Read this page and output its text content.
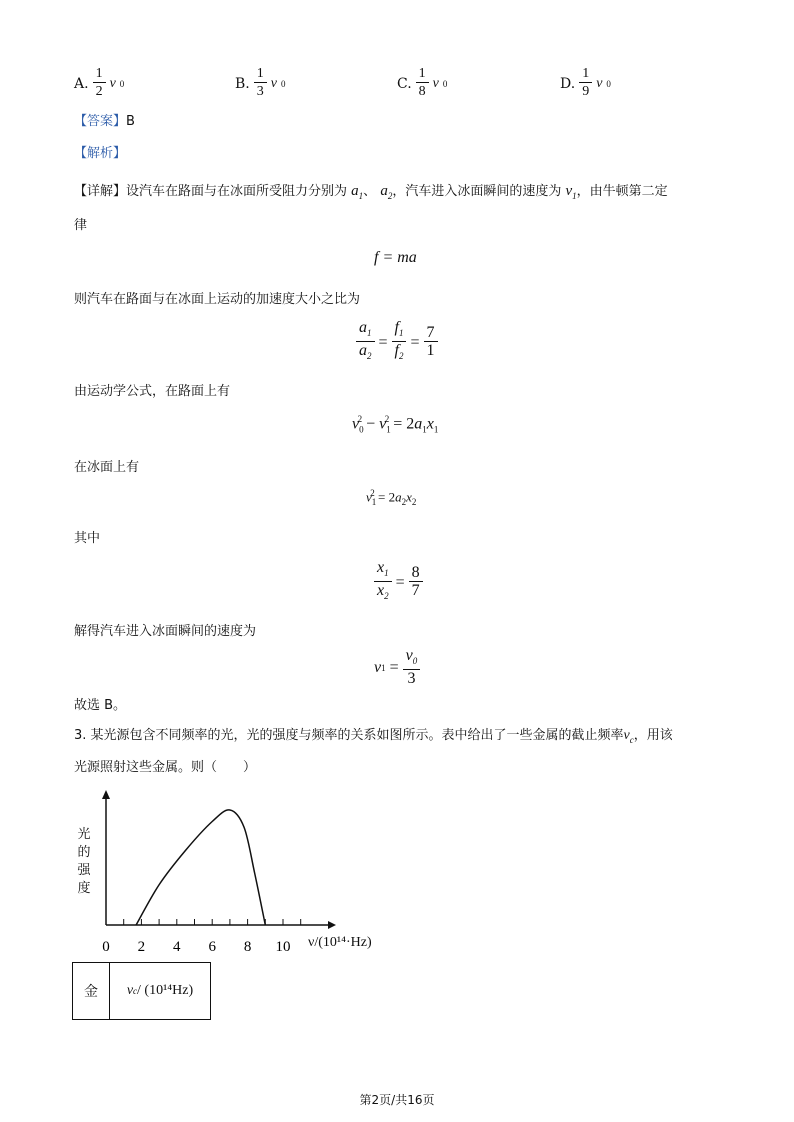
A. $\frac{1}{2}$ v 0	B. $\frac{1}{3}$ v 0	C. $\frac{1}{8}$ v 0	D. $\frac{1}{9}$ v 0
【答案】B
【解析】
【详解】设汽车在路面与在冰面所受阻力分别为 $a_1$、 $a_2$，汽车进入冰面瞬间的速度为 $v_1$，由牛顿第二定
律
f = ma
则汽车在路面与在冰面上运动的加速度大小之比为
$\frac{a_1}{a_2} = \frac{f_1}{f_2} = \frac{7}{1}$
由运动学公式，在路面上有
$v_0^2 - v_1^2 = 2a_1x_1$
在冰面上有
$v_1^2 = 2a_2x_2$
其中
$\frac{x_1}{x_2} = \frac{8}{7}$
解得汽车进入冰面瞬间的速度为
v $1 = \frac{v_0}{3}$
故选 B。
3. 某光源包含不同频率的光，光的强度与频率的关系如图所示。表中给出了一些金属的截止频率$\nu_c$，用该
光源照射这些金属。则（　　）
0 2 4 6 8 10
光的强度
ν/(10¹⁴·Hz)
金	ν c / (10¹⁴Hz)
第2页/共16页
